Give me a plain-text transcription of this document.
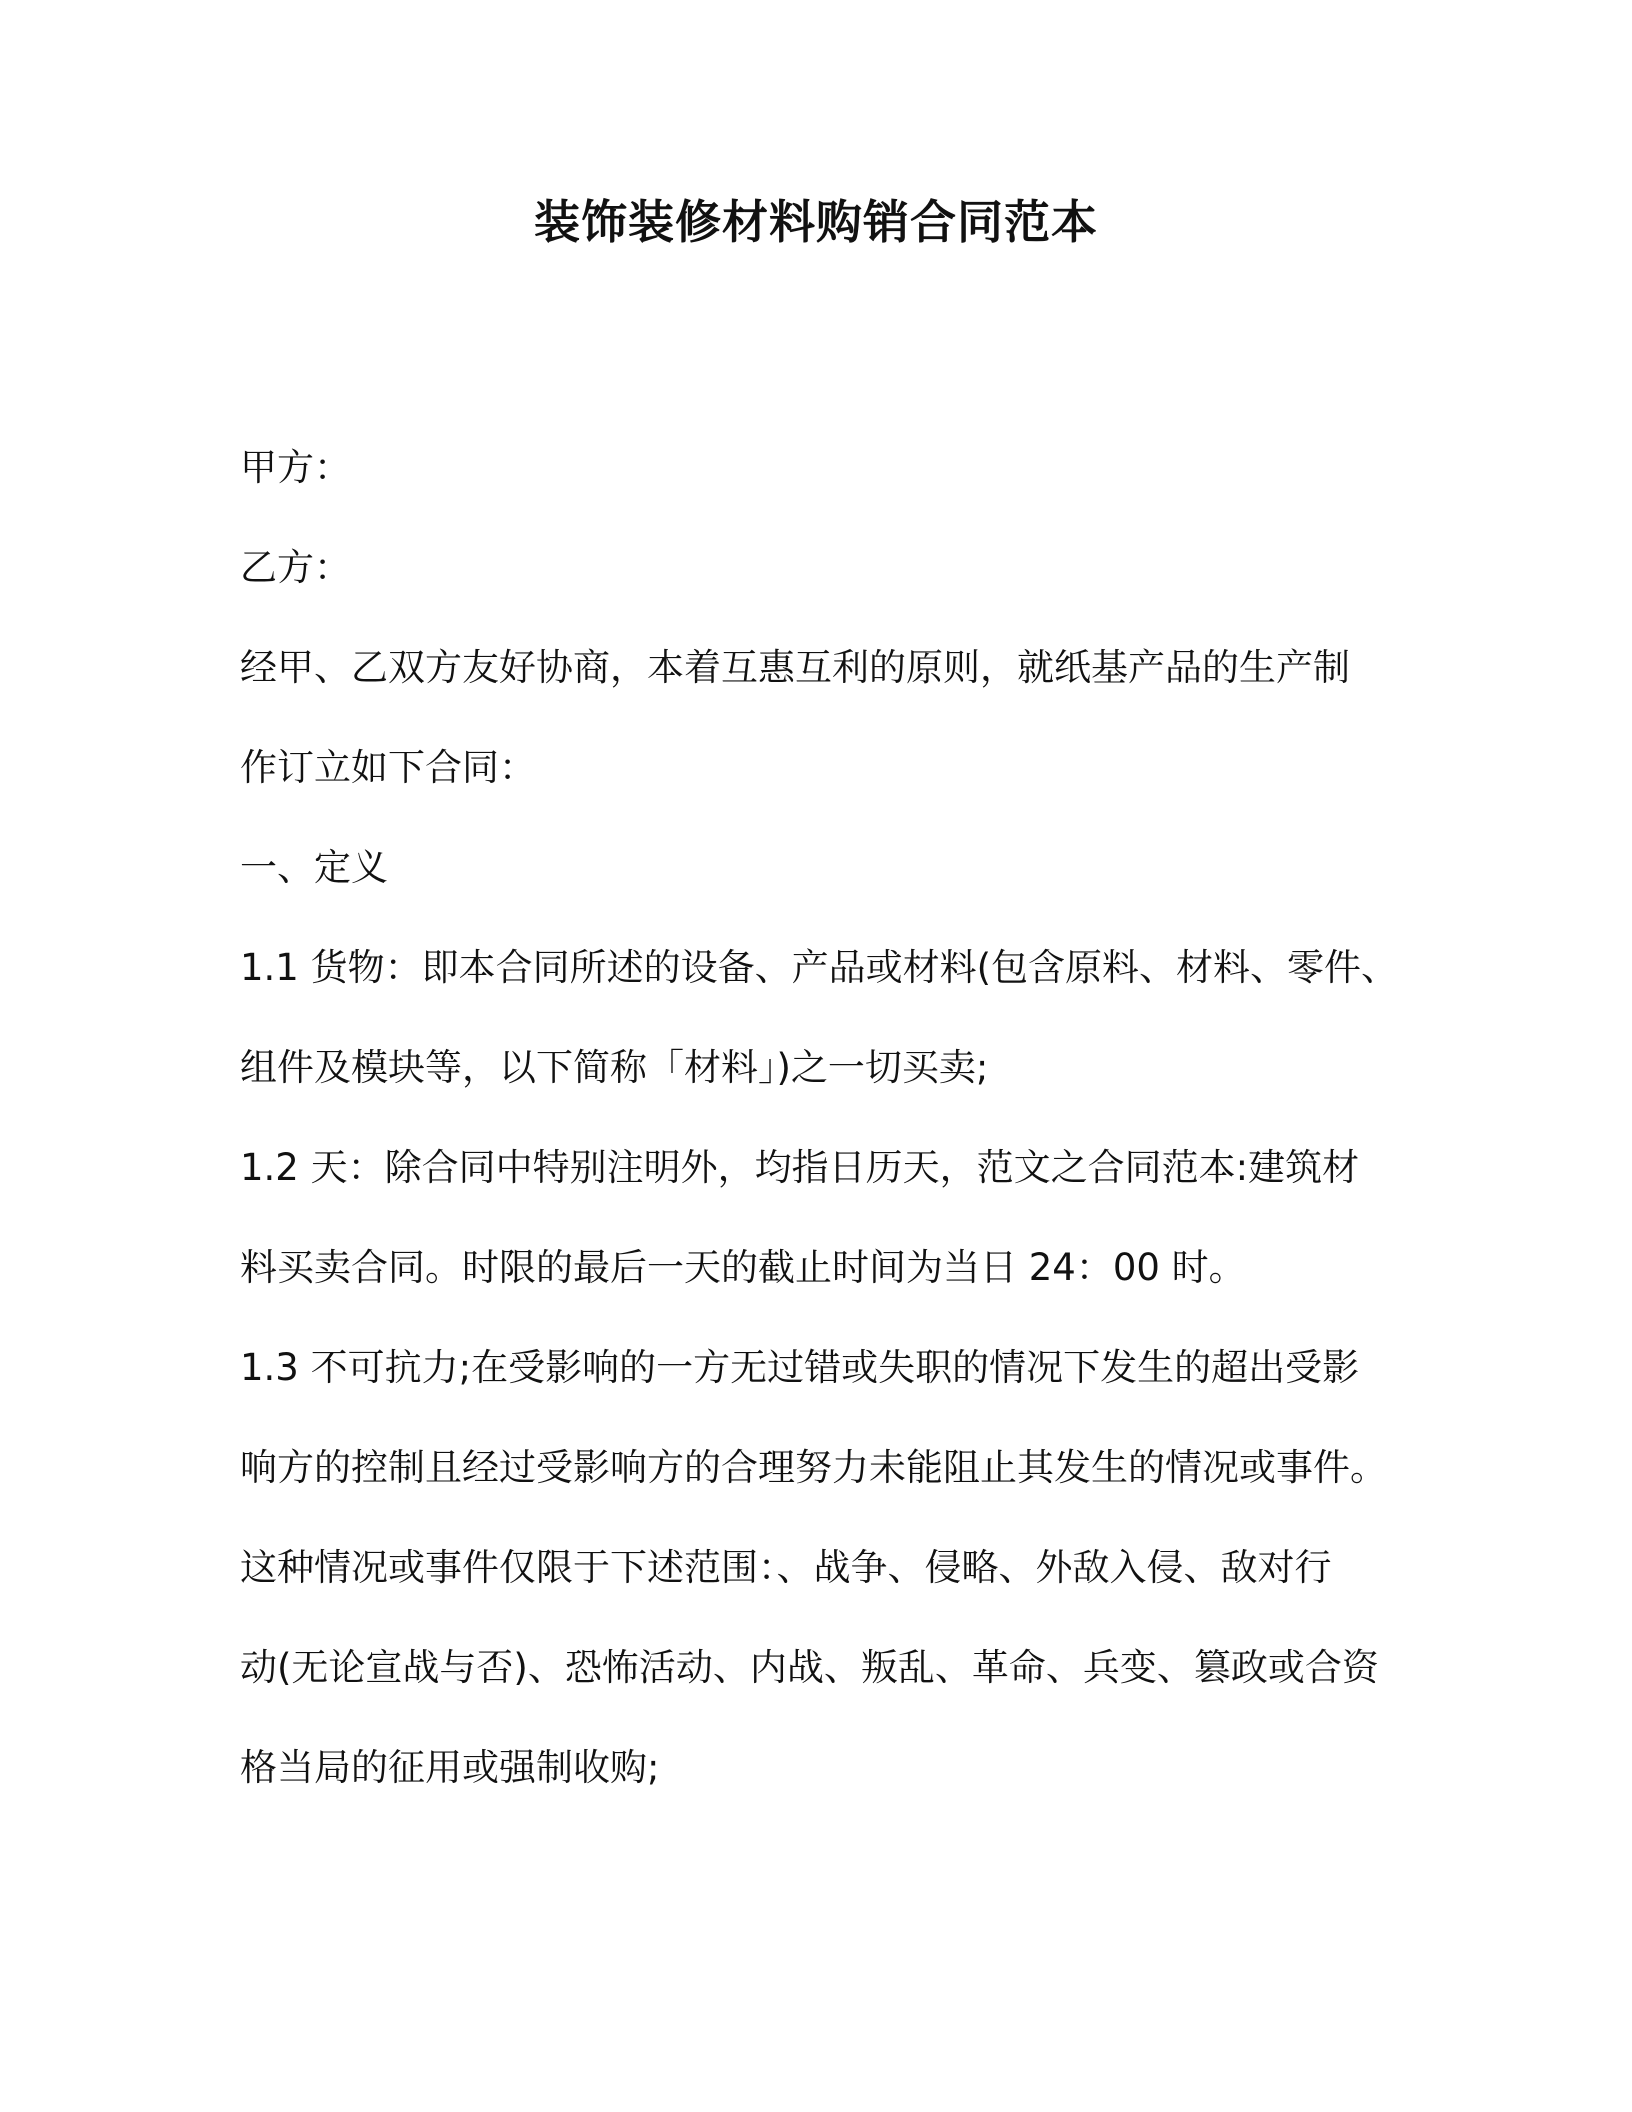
装饰装修材料购销合同范本

甲方：

乙方：

经甲、乙双方友好协商，本着互惠互利的原则，就纸基产品的生产制

作订立如下合同：

一、定义

1.1 货物：即本合同所述的设备、产品或材料(包含原料、材料、零件、

组件及模块等，以下简称「材料」)之一切买卖;

1.2 天：除合同中特别注明外，均指日历天，范文之合同范本:建筑材

料买卖合同。时限的最后一天的截止时间为当日 24：00 时。

1.3 不可抗力;在受影响的一方无过错或失职的情况下发生的超出受影

响方的控制且经过受影响方的合理努力未能阻止其发生的情况或事件。

这种情况或事件仅限于下述范围：、战争、侵略、外敌入侵、敌对行

动(无论宣战与否)、恐怖活动、内战、叛乱、革命、兵变、篡政或合资

格当局的征用或强制收购;
